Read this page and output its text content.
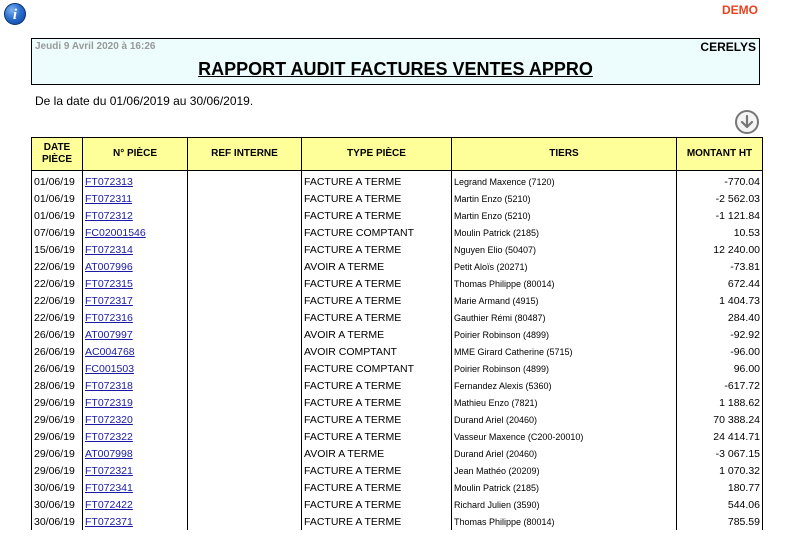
i	DEMO
Jeudi 9 Avril 2020 à 16:26	CERELYS
RAPPORT AUDIT FACTURES VENTES APPRO
De la date du 01/06/2019 au 30/06/2019.
DATE
PIÈCE	N° PIÈCE	REF INTERNE	TYPE PIÈCE	TIERS	MONTANT HT
01/06/19	FT072313		FACTURE A TERME	Legrand Maxence (7120)	-770.04
01/06/19	FT072311		FACTURE A TERME	Martin Enzo (5210)	-2 562.03
01/06/19	FT072312		FACTURE A TERME	Martin Enzo (5210)	-1 121.84
07/06/19	FC02001546		FACTURE COMPTANT	Moulin Patrick (2185)	10.53
15/06/19	FT072314		FACTURE A TERME	Nguyen Elio (50407)	12 240.00
22/06/19	AT007996		AVOIR A TERME	Petit Aloïs (20271)	-73.81
22/06/19	FT072315		FACTURE A TERME	Thomas Philippe (80014)	672.44
22/06/19	FT072317		FACTURE A TERME	Marie Armand (4915)	1 404.73
22/06/19	FT072316		FACTURE A TERME	Gauthier Rémi (80487)	284.40
26/06/19	AT007997		AVOIR A TERME	Poirier Robinson (4899)	-92.92
26/06/19	AC004768		AVOIR COMPTANT	MME Girard Catherine (5715)	-96.00
26/06/19	FC001503		FACTURE COMPTANT	Poirier Robinson (4899)	96.00
28/06/19	FT072318		FACTURE A TERME	Fernandez Alexis (5360)	-617.72
29/06/19	FT072319		FACTURE A TERME	Mathieu Enzo (7821)	1 188.62
29/06/19	FT072320		FACTURE A TERME	Durand Ariel (20460)	70 388.24
29/06/19	FT072322		FACTURE A TERME	Vasseur Maxence (C200-20010)	24 414.71
29/06/19	AT007998		AVOIR A TERME	Durand Ariel (20460)	-3 067.15
29/06/19	FT072321		FACTURE A TERME	Jean Mathéo (20209)	1 070.32
30/06/19	FT072341		FACTURE A TERME	Moulin Patrick (2185)	180.77
30/06/19	FT072422		FACTURE A TERME	Richard Julien (3590)	544.06
30/06/19	FT072371		FACTURE A TERME	Thomas Philippe (80014)	785.59
